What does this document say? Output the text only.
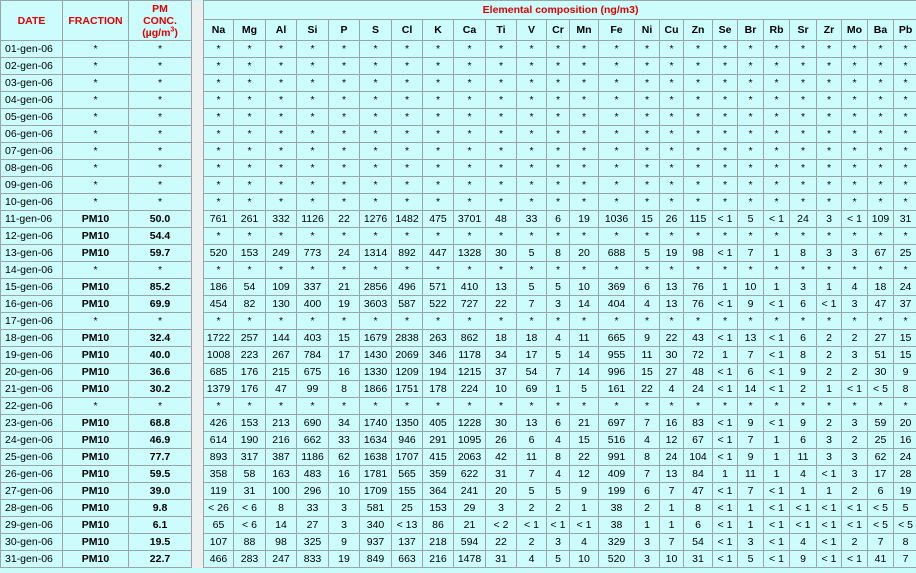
DATE	FRACTION	PM
CONC.
$(\mu g/m^3)$		Elemental composition (ng/m3)																								
				Na	Mg	Al	Si	P	S	Cl	K	Ca	Ti	V	Cr	Mn	Fe	Ni	Cu	Zn	Se	Br	Rb	Sr	Zr	Mo	Ba	Pb
01-gen-06	*	*		*	*	*	*	*	*	*	*	*	*	*	*	*	*	*	*	*	*	*	*	*	*	*	*	*
02-gen-06	*	*		*	*	*	*	*	*	*	*	*	*	*	*	*	*	*	*	*	*	*	*	*	*	*	*	*
03-gen-06	*	*		*	*	*	*	*	*	*	*	*	*	*	*	*	*	*	*	*	*	*	*	*	*	*	*	*
04-gen-06	*	*		*	*	*	*	*	*	*	*	*	*	*	*	*	*	*	*	*	*	*	*	*	*	*	*	*
05-gen-06	*	*		*	*	*	*	*	*	*	*	*	*	*	*	*	*	*	*	*	*	*	*	*	*	*	*	*
06-gen-06	*	*		*	*	*	*	*	*	*	*	*	*	*	*	*	*	*	*	*	*	*	*	*	*	*	*	*
07-gen-06	*	*		*	*	*	*	*	*	*	*	*	*	*	*	*	*	*	*	*	*	*	*	*	*	*	*	*
08-gen-06	*	*		*	*	*	*	*	*	*	*	*	*	*	*	*	*	*	*	*	*	*	*	*	*	*	*	*
09-gen-06	*	*		*	*	*	*	*	*	*	*	*	*	*	*	*	*	*	*	*	*	*	*	*	*	*	*	*
10-gen-06	*	*		*	*	*	*	*	*	*	*	*	*	*	*	*	*	*	*	*	*	*	*	*	*	*	*	*
11-gen-06	PM10	50.0		761	261	332	1126	22	1276	1482	475	3701	48	33	6	19	1036	15	26	115	< 1	5	< 1	24	3	< 1	109	31
12-gen-06	PM10	54.4		*	*	*	*	*	*	*	*	*	*	*	*	*	*	*	*	*	*	*	*	*	*	*	*	*
13-gen-06	PM10	59.7		520	153	249	773	24	1314	892	447	1328	30	5	8	20	688	5	19	98	< 1	7	1	8	3	3	67	25
14-gen-06	*	*		*	*	*	*	*	*	*	*	*	*	*	*	*	*	*	*	*	*	*	*	*	*	*	*	*
15-gen-06	PM10	85.2		186	54	109	337	21	2856	496	571	410	13	5	5	10	369	6	13	76	1	10	1	3	1	4	18	24
16-gen-06	PM10	69.9		454	82	130	400	19	3603	587	522	727	22	7	3	14	404	4	13	76	< 1	9	< 1	6	< 1	3	47	37
17-gen-06	*	*		*	*	*	*	*	*	*	*	*	*	*	*	*	*	*	*	*	*	*	*	*	*	*	*	*
18-gen-06	PM10	32.4		1722	257	144	403	15	1679	2838	263	862	18	18	4	11	665	9	22	43	< 1	13	< 1	6	2	2	27	15
19-gen-06	PM10	40.0		1008	223	267	784	17	1430	2069	346	1178	34	17	5	14	955	11	30	72	1	7	< 1	8	2	3	51	15
20-gen-06	PM10	36.6		685	176	215	675	16	1330	1209	194	1215	37	54	7	14	996	15	27	48	< 1	6	< 1	9	2	2	30	9
21-gen-06	PM10	30.2		1379	176	47	99	8	1866	1751	178	224	10	69	1	5	161	22	4	24	< 1	14	< 1	2	1	< 1	< 5	8
22-gen-06	*	*		*	*	*	*	*	*	*	*	*	*	*	*	*	*	*	*	*	*	*	*	*	*	*	*	*
23-gen-06	PM10	68.8		426	153	213	690	34	1740	1350	405	1228	30	13	6	21	697	7	16	83	< 1	9	< 1	9	2	3	59	20
24-gen-06	PM10	46.9		614	190	216	662	33	1634	946	291	1095	26	6	4	15	516	4	12	67	< 1	7	1	6	3	2	25	16
25-gen-06	PM10	77.7		893	317	387	1186	62	1638	1707	415	2063	42	11	8	22	991	8	24	104	< 1	9	1	11	3	3	62	24
26-gen-06	PM10	59.5		358	58	163	483	16	1781	565	359	622	31	7	4	12	409	7	13	84	1	11	1	4	< 1	3	17	28
27-gen-06	PM10	39.0		119	31	100	296	10	1709	155	364	241	20	5	5	9	199	6	7	47	< 1	7	< 1	1	1	2	6	19
28-gen-06	PM10	9.8		< 26	< 6	8	33	3	581	25	153	29	3	2	2	1	38	2	1	8	< 1	1	< 1	< 1	< 1	< 1	< 5	5
29-gen-06	PM10	6.1		65	< 6	14	27	3	340	< 13	86	21	< 2	< 1	< 1	< 1	38	1	1	6	< 1	1	< 1	< 1	< 1	< 1	< 5	< 5
30-gen-06	PM10	19.5		107	88	98	325	9	937	137	218	594	22	2	3	4	329	3	7	54	< 1	3	< 1	4	< 1	2	7	8
31-gen-06	PM10	22.7		466	283	247	833	19	849	663	216	1478	31	4	5	10	520	3	10	31	< 1	5	< 1	9	< 1	< 1	41	7
